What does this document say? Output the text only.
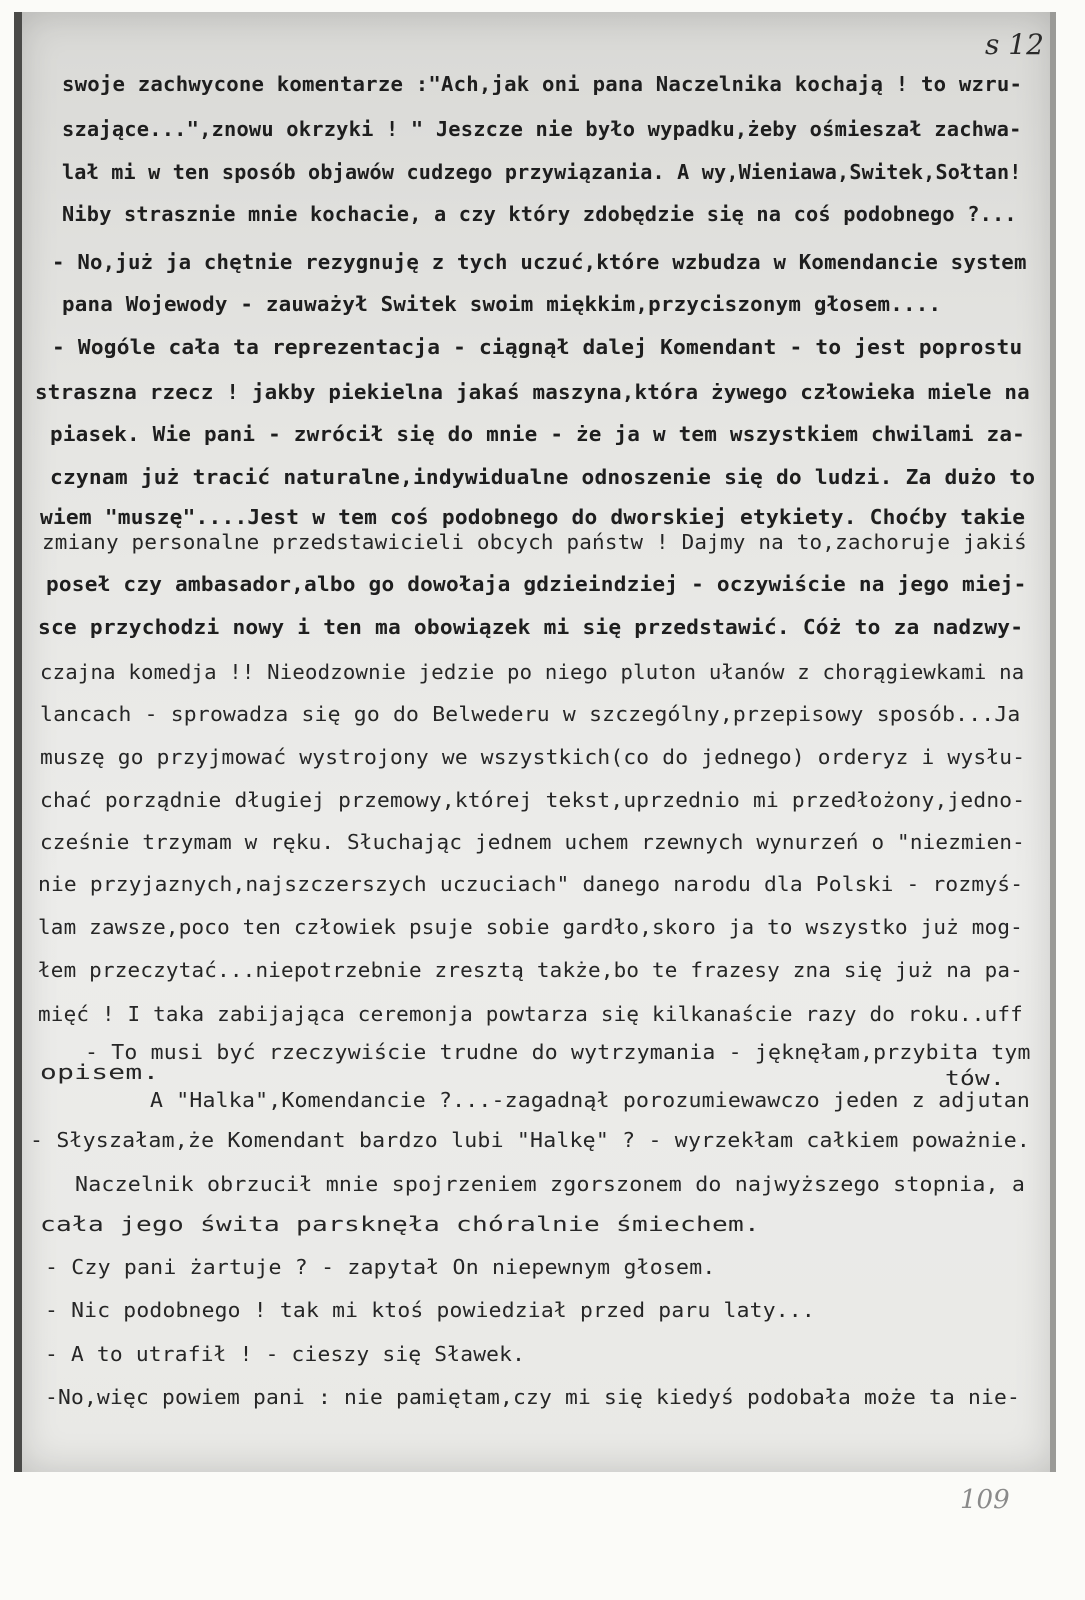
s 12
swoje zachwycone komentarze :"Ach,jak oni pana Naczelnika kochają ! to wzru-
szające...",znowu okrzyki ! " Jeszcze nie było wypadku,żeby ośmieszał zachwa-
lał mi w ten sposób objawów cudzego przywiązania. A wy,Wieniawa,Switek,Sołtan!
Niby strasznie mnie kochacie, a czy który zdobędzie się na coś podobnego ?...
- No,już ja chętnie rezygnuję z tych uczuć,które wzbudza w Komendancie system
pana Wojewody - zauważył Switek swoim miękkim,przyciszonym głosem....
- Wogóle cała ta reprezentacja - ciągnął dalej Komendant - to jest poprostu
straszna rzecz ! jakby piekielna jakaś maszyna,która żywego człowieka miele na
piasek. Wie pani - zwrócił się do mnie - że ja w tem wszystkiem chwilami za-
czynam już tracić naturalne,indywidualne odnoszenie się do ludzi. Za dużo to
wiem "muszę"....Jest w tem coś podobnego do dworskiej etykiety. Choćby takie
zmiany personalne przedstawicieli obcych państw ! Dajmy na to,zachoruje jakiś
poseł czy ambasador,albo go dowołaja gdzieindziej - oczywiście na jego miej-
sce przychodzi nowy i ten ma obowiązek mi się przedstawić. Cóż to za nadzwy-
czajna komedja !! Nieodzownie jedzie po niego pluton ułanów z chorągiewkami na
lancach - sprowadza się go do Belwederu w szczególny,przepisowy sposób...Ja
muszę go przyjmować wystrojony we wszystkich(co do jednego) orderyz i wysłu-
chać porządnie długiej przemowy,której tekst,uprzednio mi przedłożony,jedno-
cześnie trzymam w ręku. Słuchając jednem uchem rzewnych wynurzeń o "niezmien-
nie przyjaznych,najszczerszych uczuciach" danego narodu dla Polski - rozmyś-
lam zawsze,poco ten człowiek psuje sobie gardło,skoro ja to wszystko już mog-
łem przeczytać...niepotrzebnie zresztą także,bo te frazesy zna się już na pa-
mięć ! I taka zabijająca ceremonja powtarza się kilkanaście razy do roku..uff
- To musi być rzeczywiście trudne do wytrzymania - jęknęłam,przybita tym
opisem.	tów.
A "Halka",Komendancie ?...-zagadnął porozumiewawczo jeden z adjutan
- Słyszałam,że Komendant bardzo lubi "Halkę" ? - wyrzekłam całkiem poważnie.
Naczelnik obrzucił mnie spojrzeniem zgorszonem do najwyższego stopnia, a
cała jego świta parsknęła chóralnie śmiechem.
- Czy pani żartuje ? - zapytał On niepewnym głosem.
- Nic podobnego ! tak mi ktoś powiedział przed paru laty...
- A to utrafił ! - cieszy się Sławek.
-No,więc powiem pani : nie pamiętam,czy mi się kiedyś podobała może ta nie-
109
